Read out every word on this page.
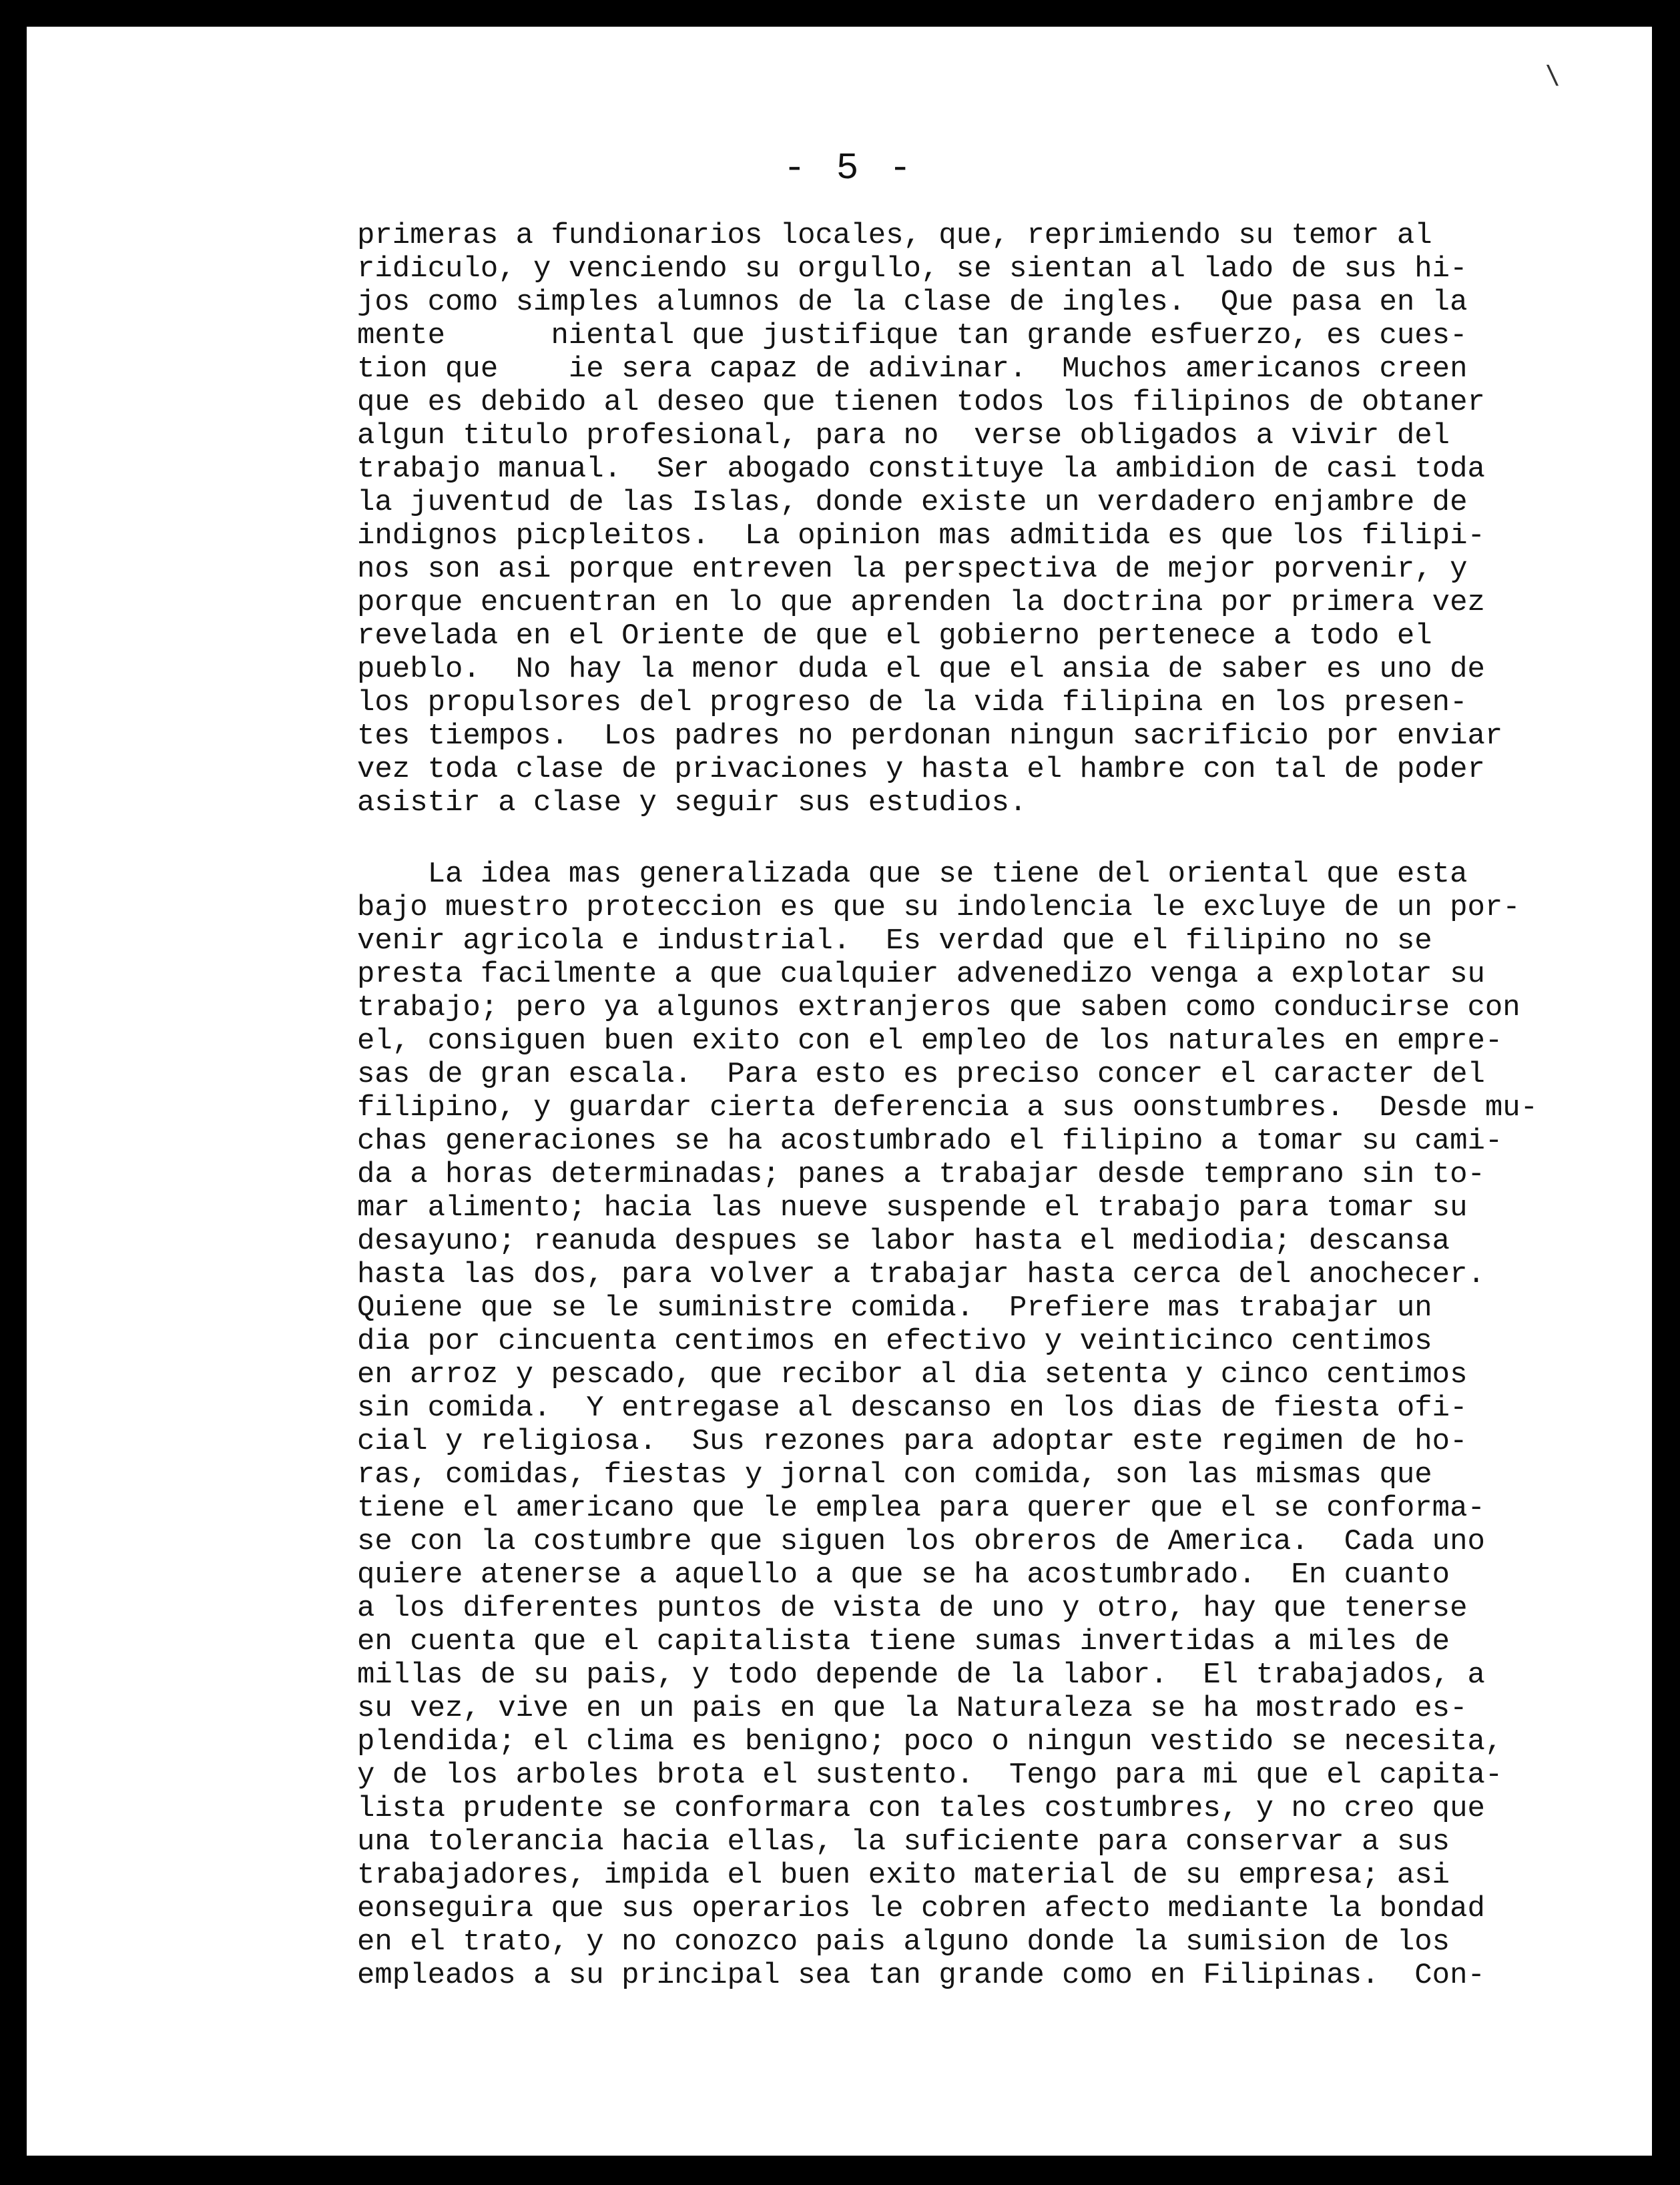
\
- 5 -
primeras a fundionarios locales, que, reprimiendo su temor al
ridiculo, y venciendo su orgullo, se sientan al lado de sus hi-
jos como simples alumnos de la clase de ingles.  Que pasa en la
mente      niental que justifique tan grande esfuerzo, es cues-
tion que    ie sera capaz de adivinar.  Muchos americanos creen
que es debido al deseo que tienen todos los filipinos de obtaner
algun titulo profesional, para no  verse obligados a vivir del
trabajo manual.  Ser abogado constituye la ambidion de casi toda
la juventud de las Islas, donde existe un verdadero enjambre de
indignos picpleitos.  La opinion mas admitida es que los filipi-
nos son asi porque entreven la perspectiva de mejor porvenir, y
porque encuentran en lo que aprenden la doctrina por primera vez
revelada en el Oriente de que el gobierno pertenece a todo el
pueblo.  No hay la menor duda el que el ansia de saber es uno de
los propulsores del progreso de la vida filipina en los presen-
tes tiempos.  Los padres no perdonan ningun sacrificio por enviar
vez toda clase de privaciones y hasta el hambre con tal de poder
asistir a clase y seguir sus estudios.
La idea mas generalizada que se tiene del oriental que esta
bajo muestro proteccion es que su indolencia le excluye de un por-
venir agricola e industrial.  Es verdad que el filipino no se
presta facilmente a que cualquier advenedizo venga a explotar su
trabajo; pero ya algunos extranjeros que saben como conducirse con
el, consiguen buen exito con el empleo de los naturales en empre-
sas de gran escala.  Para esto es preciso concer el caracter del
filipino, y guardar cierta deferencia a sus oonstumbres.  Desde mu-
chas generaciones se ha acostumbrado el filipino a tomar su cami-
da a horas determinadas; panes a trabajar desde temprano sin to-
mar alimento; hacia las nueve suspende el trabajo para tomar su
desayuno; reanuda despues se labor hasta el mediodia; descansa
hasta las dos, para volver a trabajar hasta cerca del anochecer.
Quiene que se le suministre comida.  Prefiere mas trabajar un
dia por cincuenta centimos en efectivo y veinticinco centimos
en arroz y pescado, que recibor al dia setenta y cinco centimos
sin comida.  Y entregase al descanso en los dias de fiesta ofi-
cial y religiosa.  Sus rezones para adoptar este regimen de ho-
ras, comidas, fiestas y jornal con comida, son las mismas que
tiene el americano que le emplea para querer que el se conforma-
se con la costumbre que siguen los obreros de America.  Cada uno
quiere atenerse a aquello a que se ha acostumbrado.  En cuanto
a los diferentes puntos de vista de uno y otro, hay que tenerse
en cuenta que el capitalista tiene sumas invertidas a miles de
millas de su pais, y todo depende de la labor.  El trabajados, a
su vez, vive en un pais en que la Naturaleza se ha mostrado es-
plendida; el clima es benigno; poco o ningun vestido se necesita,
y de los arboles brota el sustento.  Tengo para mi que el capita-
lista prudente se conformara con tales costumbres, y no creo que
una tolerancia hacia ellas, la suficiente para conservar a sus
trabajadores, impida el buen exito material de su empresa; asi
eonseguira que sus operarios le cobren afecto mediante la bondad
en el trato, y no conozco pais alguno donde la sumision de los
empleados a su principal sea tan grande como en Filipinas.  Con-
